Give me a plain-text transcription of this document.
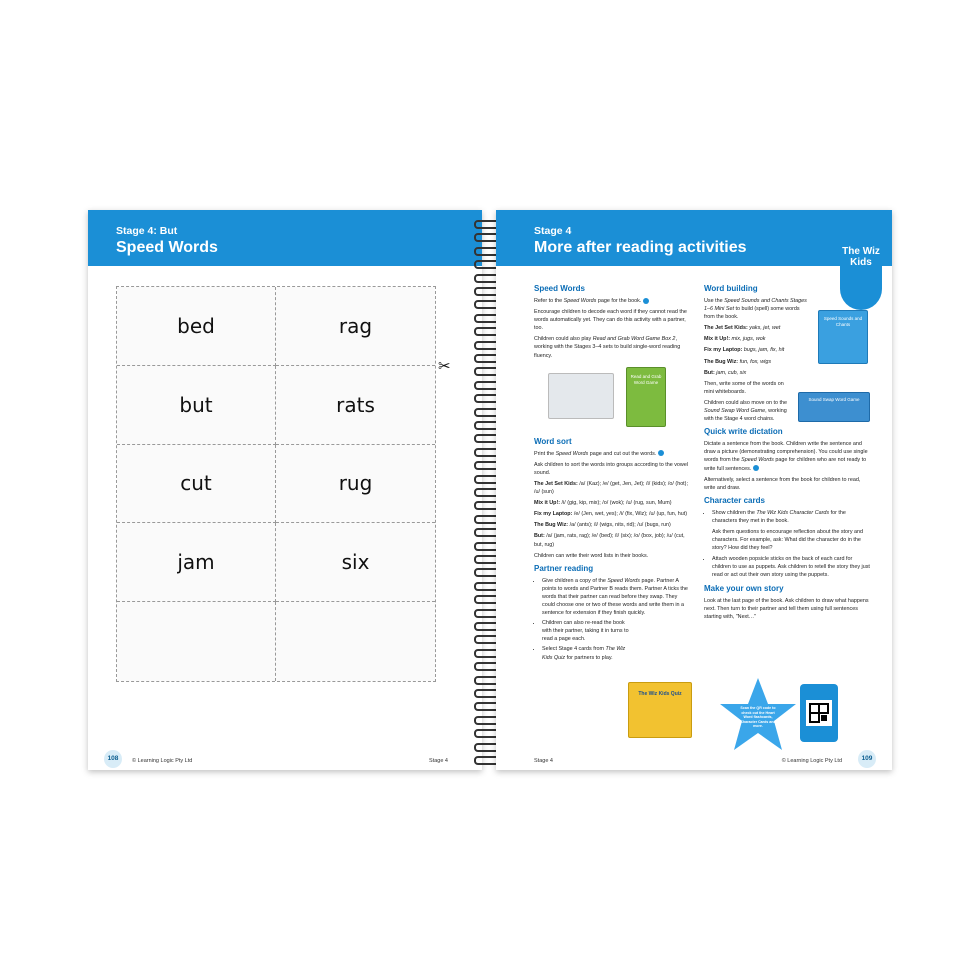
Stage 4: But
Speed Words
bed	rag
but	rats
cut	rug
jam	six
108	© Learning Logic Pty Ltd	Stage 4
✂
Stage 4
More after reading activities	The Wiz Kids
Speed Words

Refer to the Speed Words page for the book.

Encourage children to decode each word if they cannot read the words automatically yet. They can do this activity with a partner, too.

Children could also play Read and Grab Word Game Box 2, working with the Stages 3–4 sets to build single-word reading fluency.

Read and Grab Word Game
Word sort

Print the Speed Words page and cut out the words.

Ask children to sort the words into groups according to the vowel sound.

The Jet Set Kids: /a/ (Kaz); /e/ (get, Jen, Jet); /i/ (kids); /o/ (hot); /u/ (sun)

Mix it Up!: /i/ (gig, kip, mix); /o/ (wok); /u/ (rug, sun, Mum)

Fix my Laptop: /e/ (Jen, wet, yes); /i/ (fix, Wiz); /u/ (up, fun, hut)

The Bug Wiz: /a/ (ants); /i/ (wigs, nits, rid); /u/ (bugs, run)

But: /a/ (jam, rats, rag); /e/ (bed); /i/ (six); /o/ (box, job); /u/ (cut, but, rug)

Children can write their word lists in their books.

Partner reading
• Give children a copy of the Speed Words page. Partner A points to words and Partner B reads them. Partner A ticks the words that their partner can read before they swap. They could choose one or two of these words and write them in a sentence for extension if they finish quickly.
• Children can also re-read the book with their partner, taking it in turns to read a page each.
• Select Stage 4 cards from The Wiz Kids Quiz for partners to play.
The Wiz Kids Quiz
Word building

Use the Speed Sounds and Chants Stages 1–6 Mini Set to build (spell) some words from the book.

The Jet Set Kids: yaks, jet, wet

Mix it Up!: mix, jugs, wok

Fix my Laptop: bugs, jam, fix, hit

The Bug Wiz: fun, fox, wigs

But: jam, cub, six

Then, write some of the words on mini whiteboards.

Children could also move on to the Sound Swap Word Game, working with the Stage 4 word chains.

Quick write dictation

Dictate a sentence from the book. Children write the sentence and draw a picture (demonstrating comprehension). You could use single words from the Speed Words page for children who are not ready to write full sentences.

Alternatively, select a sentence from the book for children to read, write and draw.

Character cards
• Show children the The Wiz Kids Character Cards for the characters they met in the book.

Ask them questions to encourage reflection about the story and characters. For example, ask: What did the character do in the story? How did they feel?

• Attach wooden popsicle sticks on the back of each card for children to use as puppets. Ask children to retell the story they just read or act out their own story using the puppets.
Make your own story

Look at the last page of the book. Ask children to draw what happens next. Then turn to their partner and tell them using full sentences starting with, "Next…"

Speed Sounds and Chants
Sound Swap Word Game
Scan the QR code to check out the Heart Word flashcards, Character Cards and more.
Stage 4	© Learning Logic Pty Ltd	109
